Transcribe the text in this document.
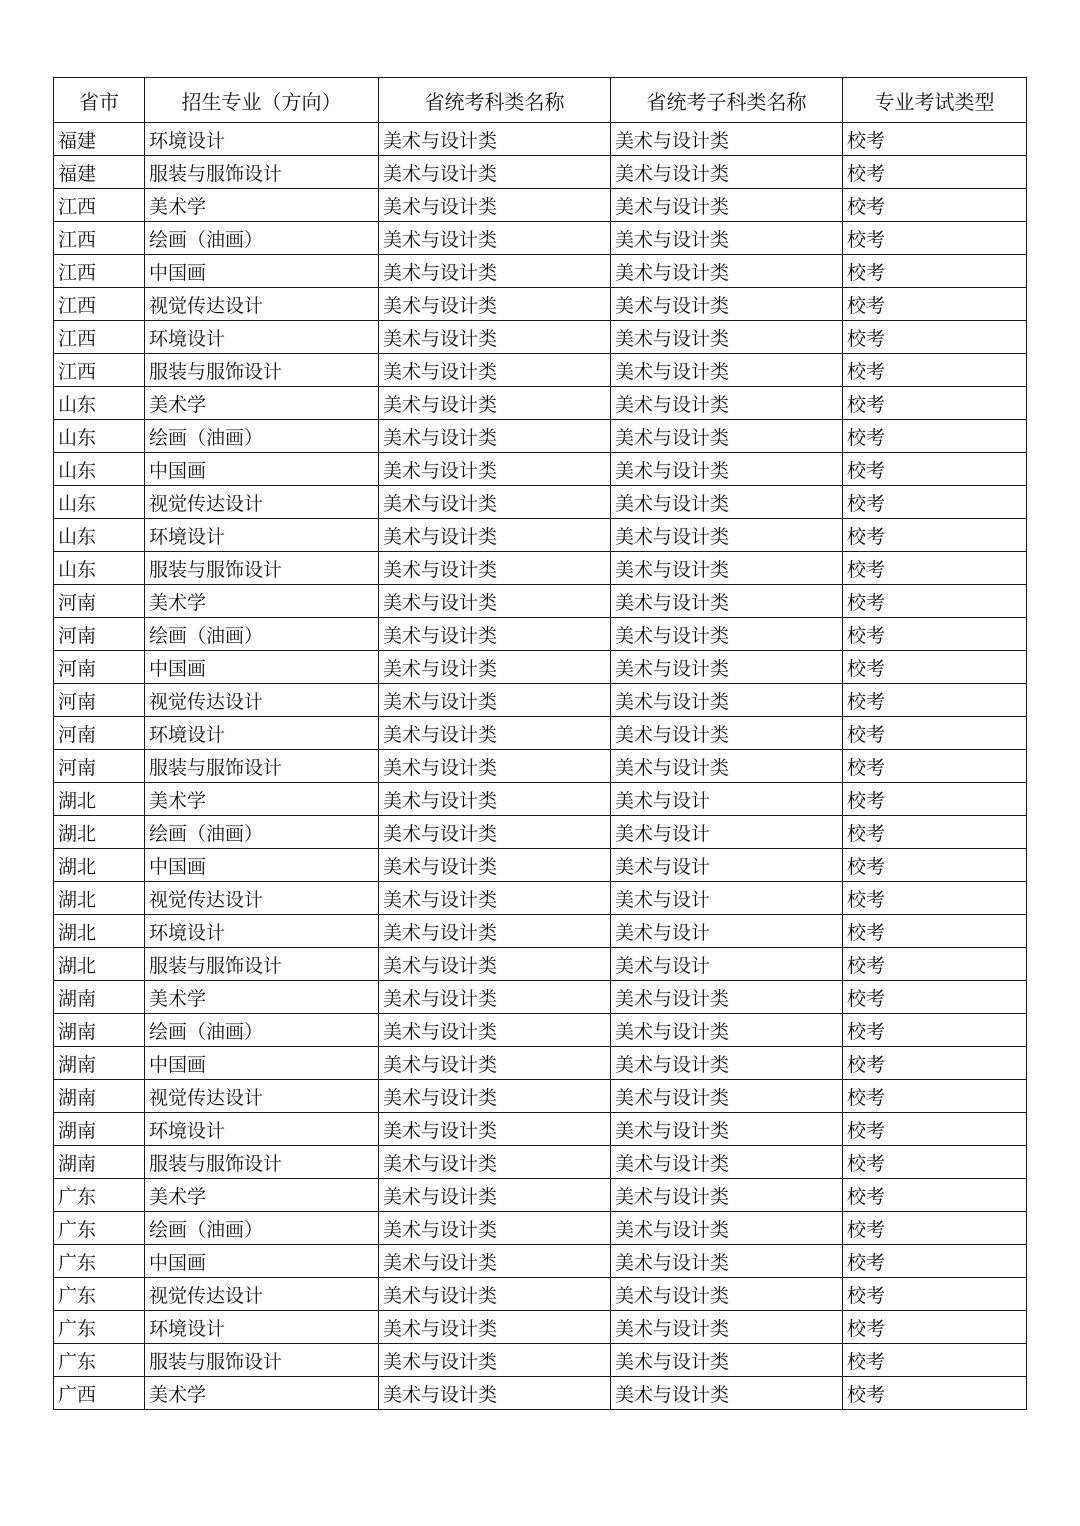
省市	招生专业（方向）	省统考科类名称	省统考子科类名称	专业考试类型
福建	环境设计	美术与设计类	美术与设计类	校考
福建	服装与服饰设计	美术与设计类	美术与设计类	校考
江西	美术学	美术与设计类	美术与设计类	校考
江西	绘画（油画）	美术与设计类	美术与设计类	校考
江西	中国画	美术与设计类	美术与设计类	校考
江西	视觉传达设计	美术与设计类	美术与设计类	校考
江西	环境设计	美术与设计类	美术与设计类	校考
江西	服装与服饰设计	美术与设计类	美术与设计类	校考
山东	美术学	美术与设计类	美术与设计类	校考
山东	绘画（油画）	美术与设计类	美术与设计类	校考
山东	中国画	美术与设计类	美术与设计类	校考
山东	视觉传达设计	美术与设计类	美术与设计类	校考
山东	环境设计	美术与设计类	美术与设计类	校考
山东	服装与服饰设计	美术与设计类	美术与设计类	校考
河南	美术学	美术与设计类	美术与设计类	校考
河南	绘画（油画）	美术与设计类	美术与设计类	校考
河南	中国画	美术与设计类	美术与设计类	校考
河南	视觉传达设计	美术与设计类	美术与设计类	校考
河南	环境设计	美术与设计类	美术与设计类	校考
河南	服装与服饰设计	美术与设计类	美术与设计类	校考
湖北	美术学	美术与设计类	美术与设计	校考
湖北	绘画（油画）	美术与设计类	美术与设计	校考
湖北	中国画	美术与设计类	美术与设计	校考
湖北	视觉传达设计	美术与设计类	美术与设计	校考
湖北	环境设计	美术与设计类	美术与设计	校考
湖北	服装与服饰设计	美术与设计类	美术与设计	校考
湖南	美术学	美术与设计类	美术与设计类	校考
湖南	绘画（油画）	美术与设计类	美术与设计类	校考
湖南	中国画	美术与设计类	美术与设计类	校考
湖南	视觉传达设计	美术与设计类	美术与设计类	校考
湖南	环境设计	美术与设计类	美术与设计类	校考
湖南	服装与服饰设计	美术与设计类	美术与设计类	校考
广东	美术学	美术与设计类	美术与设计类	校考
广东	绘画（油画）	美术与设计类	美术与设计类	校考
广东	中国画	美术与设计类	美术与设计类	校考
广东	视觉传达设计	美术与设计类	美术与设计类	校考
广东	环境设计	美术与设计类	美术与设计类	校考
广东	服装与服饰设计	美术与设计类	美术与设计类	校考
广西	美术学	美术与设计类	美术与设计类	校考
